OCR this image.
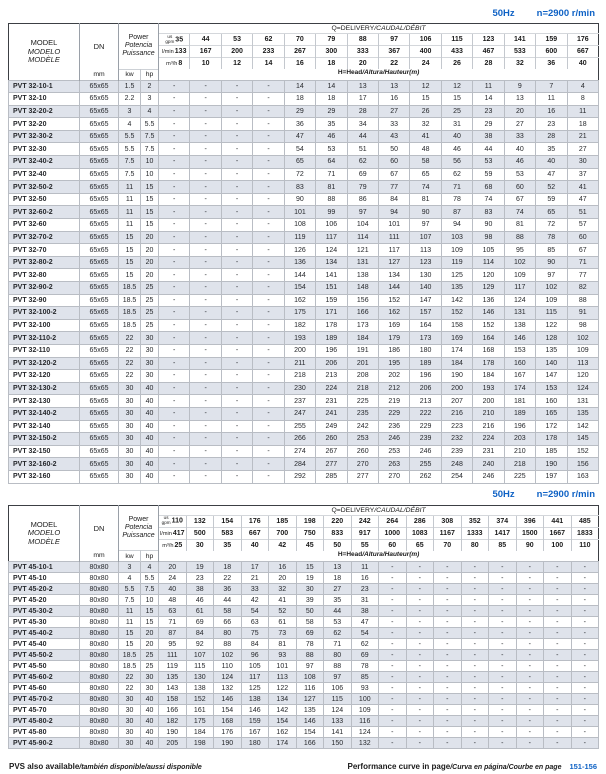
50Hz n=2900 r/min
MODEL
MODELO
MODÈLE
	DN	
Power
Potencia
Puissance
	Q=DELIVERY/CAUDAL/DÉBIT

				us
gpm 35	44	53	62	70	79	88	97	106	115	123	141	159	176
				l/min133	167	200	233	267	300	333	367	400	433	467	533	600	667
				m³/h8	10	12	14	16	18	20	22	24	26	28	32	36	40
	mm	kw	hp	H=Head/Altura/Hauteur(m)													
PVT 32-10-1	65x65	1.5	2	-	-	-	-	14	14	13	13	12	12	11	9	7	4
PVT 32-10	65x65	2.2	3	-	-	-	-	18	18	17	16	15	15	14	13	11	8
PVT 32-20-2	65x65	3	4	-	-	-	-	29	29	28	27	26	25	23	20	16	11
PVT 32-20	65x65	4	5.5	-	-	-	-	36	35	34	33	32	31	29	27	23	18
PVT 32-30-2	65x65	5.5	7.5	-	-	-	-	47	46	44	43	41	40	38	33	28	21
PVT 32-30	65x65	5.5	7.5	-	-	-	-	54	53	51	50	48	46	44	40	35	27
PVT 32-40-2	65x65	7.5	10	-	-	-	-	65	64	62	60	58	56	53	46	40	30
PVT 32-40	65x65	7.5	10	-	-	-	-	72	71	69	67	65	62	59	53	47	37
PVT 32-50-2	65x65	11	15	-	-	-	-	83	81	79	77	74	71	68	60	52	41
PVT 32-50	65x65	11	15	-	-	-	-	90	88	86	84	81	78	74	67	59	47
PVT 32-60-2	65x65	11	15	-	-	-	-	101	99	97	94	90	87	83	74	65	51
PVT 32-60	65x65	11	15	-	-	-	-	108	106	104	101	97	94	90	81	72	57
PVT 32-70-2	65x65	15	20	-	-	-	-	119	117	114	111	107	103	98	88	78	60
PVT 32-70	65x65	15	20	-	-	-	-	126	124	121	117	113	109	105	95	85	67
PVT 32-80-2	65x65	15	20	-	-	-	-	136	134	131	127	123	119	114	102	90	71
PVT 32-80	65x65	15	20	-	-	-	-	144	141	138	134	130	125	120	109	97	77
PVT 32-90-2	65x65	18.5	25	-	-	-	-	154	151	148	144	140	135	129	117	102	82
PVT 32-90	65x65	18.5	25	-	-	-	-	162	159	156	152	147	142	136	124	109	88
PVT 32-100-2	65x65	18.5	25	-	-	-	-	175	171	166	162	157	152	146	131	115	91
PVT 32-100	65x65	18.5	25	-	-	-	-	182	178	173	169	164	158	152	138	122	98
PVT 32-110-2	65x65	22	30	-	-	-	-	193	189	184	179	173	169	164	146	128	102
PVT 32-110	65x65	22	30	-	-	-	-	200	196	191	186	180	174	168	153	135	109
PVT 32-120-2	65x65	22	30	-	-	-	-	211	206	201	195	189	184	178	160	140	113
PVT 32-120	65x65	22	30	-	-	-	-	218	213	208	202	196	190	184	167	147	120
PVT 32-130-2	65x65	30	40	-	-	-	-	230	224	218	212	206	200	193	174	153	124
PVT 32-130	65x65	30	40	-	-	-	-	237	231	225	219	213	207	200	181	160	131
PVT 32-140-2	65x65	30	40	-	-	-	-	247	241	235	229	222	216	210	189	165	135
PVT 32-140	65x65	30	40	-	-	-	-	255	249	242	236	229	223	216	196	172	142
PVT 32-150-2	65x65	30	40	-	-	-	-	266	260	253	246	239	232	224	203	178	145
PVT 32-150	65x65	30	40	-	-	-	-	274	267	260	253	246	239	231	210	185	152
PVT 32-160-2	65x65	30	40	-	-	-	-	284	277	270	263	255	248	240	218	190	156
PVT 32-160	65x65	30	40	-	-	-	-	292	285	277	270	262	254	246	225	197	163
50Hz n=2900 r/min
MODEL
MODELO
MODÈLE
	DN	
Power
Potencia
Puissance
	Q=DELIVERY/CAUDAL/DÉBIT

				us
gpm 110	132	154	176	185	198	220	242	264	286	308	352	374	396	441	485
				l/min417	500	583	667	700	750	833	917	1000	1083	1167	1333	1417	1500	1667	1833
				m³/h25	30	35	40	42	45	50	55	60	65	70	80	85	90	100	110
	mm	kw	hp	H=Head/Altura/Hauteur(m)															
PVT 45-10-1	80x80	3	4	20	19	18	17	16	15	13	11	-	-	-	-	-	-	-	-
PVT 45-10	80x80	4	5.5	24	23	22	21	20	19	18	16	-	-	-	-	-	-	-	-
PVT 45-20-2	80x80	5.5	7.5	40	38	36	33	32	30	27	23	-	-	-	-	-	-	-	-
PVT 45-20	80x80	7.5	10	48	46	44	42	41	39	35	31	-	-	-	-	-	-	-	-
PVT 45-30-2	80x80	11	15	63	61	58	54	52	50	44	38	-	-	-	-	-	-	-	-
PVT 45-30	80x80	11	15	71	69	66	63	61	58	53	47	-	-	-	-	-	-	-	-
PVT 45-40-2	80x80	15	20	87	84	80	75	73	69	62	54	-	-	-	-	-	-	-	-
PVT 45-40	80x80	15	20	95	92	88	84	81	78	71	62	-	-	-	-	-	-	-	-
PVT 45-50-2	80x80	18.5	25	111	107	102	96	93	88	80	69	-	-	-	-	-	-	-	-
PVT 45-50	80x80	18.5	25	119	115	110	105	101	97	88	78	-	-	-	-	-	-	-	-
PVT 45-60-2	80x80	22	30	135	130	124	117	113	108	97	85	-	-	-	-	-	-	-	-
PVT 45-60	80x80	22	30	143	138	132	125	122	116	106	93	-	-	-	-	-	-	-	-
PVT 45-70-2	80x80	30	40	158	152	146	138	134	127	115	100	-	-	-	-	-	-	-	-
PVT 45-70	80x80	30	40	166	161	154	146	142	135	124	109	-	-	-	-	-	-	-	-
PVT 45-80-2	80x80	30	40	182	175	168	159	154	146	133	116	-	-	-	-	-	-	-	-
PVT 45-80	80x80	30	40	190	184	176	167	162	154	141	124	-	-	-	-	-	-	-	-
PVT 45-90-2	80x80	30	40	205	198	190	180	174	166	150	132	-	-	-	-	-	-	-	-
PVS also available/también disponible/aussi disponible	Performance curve in page/Curva en página/Courbe en page 151-156
